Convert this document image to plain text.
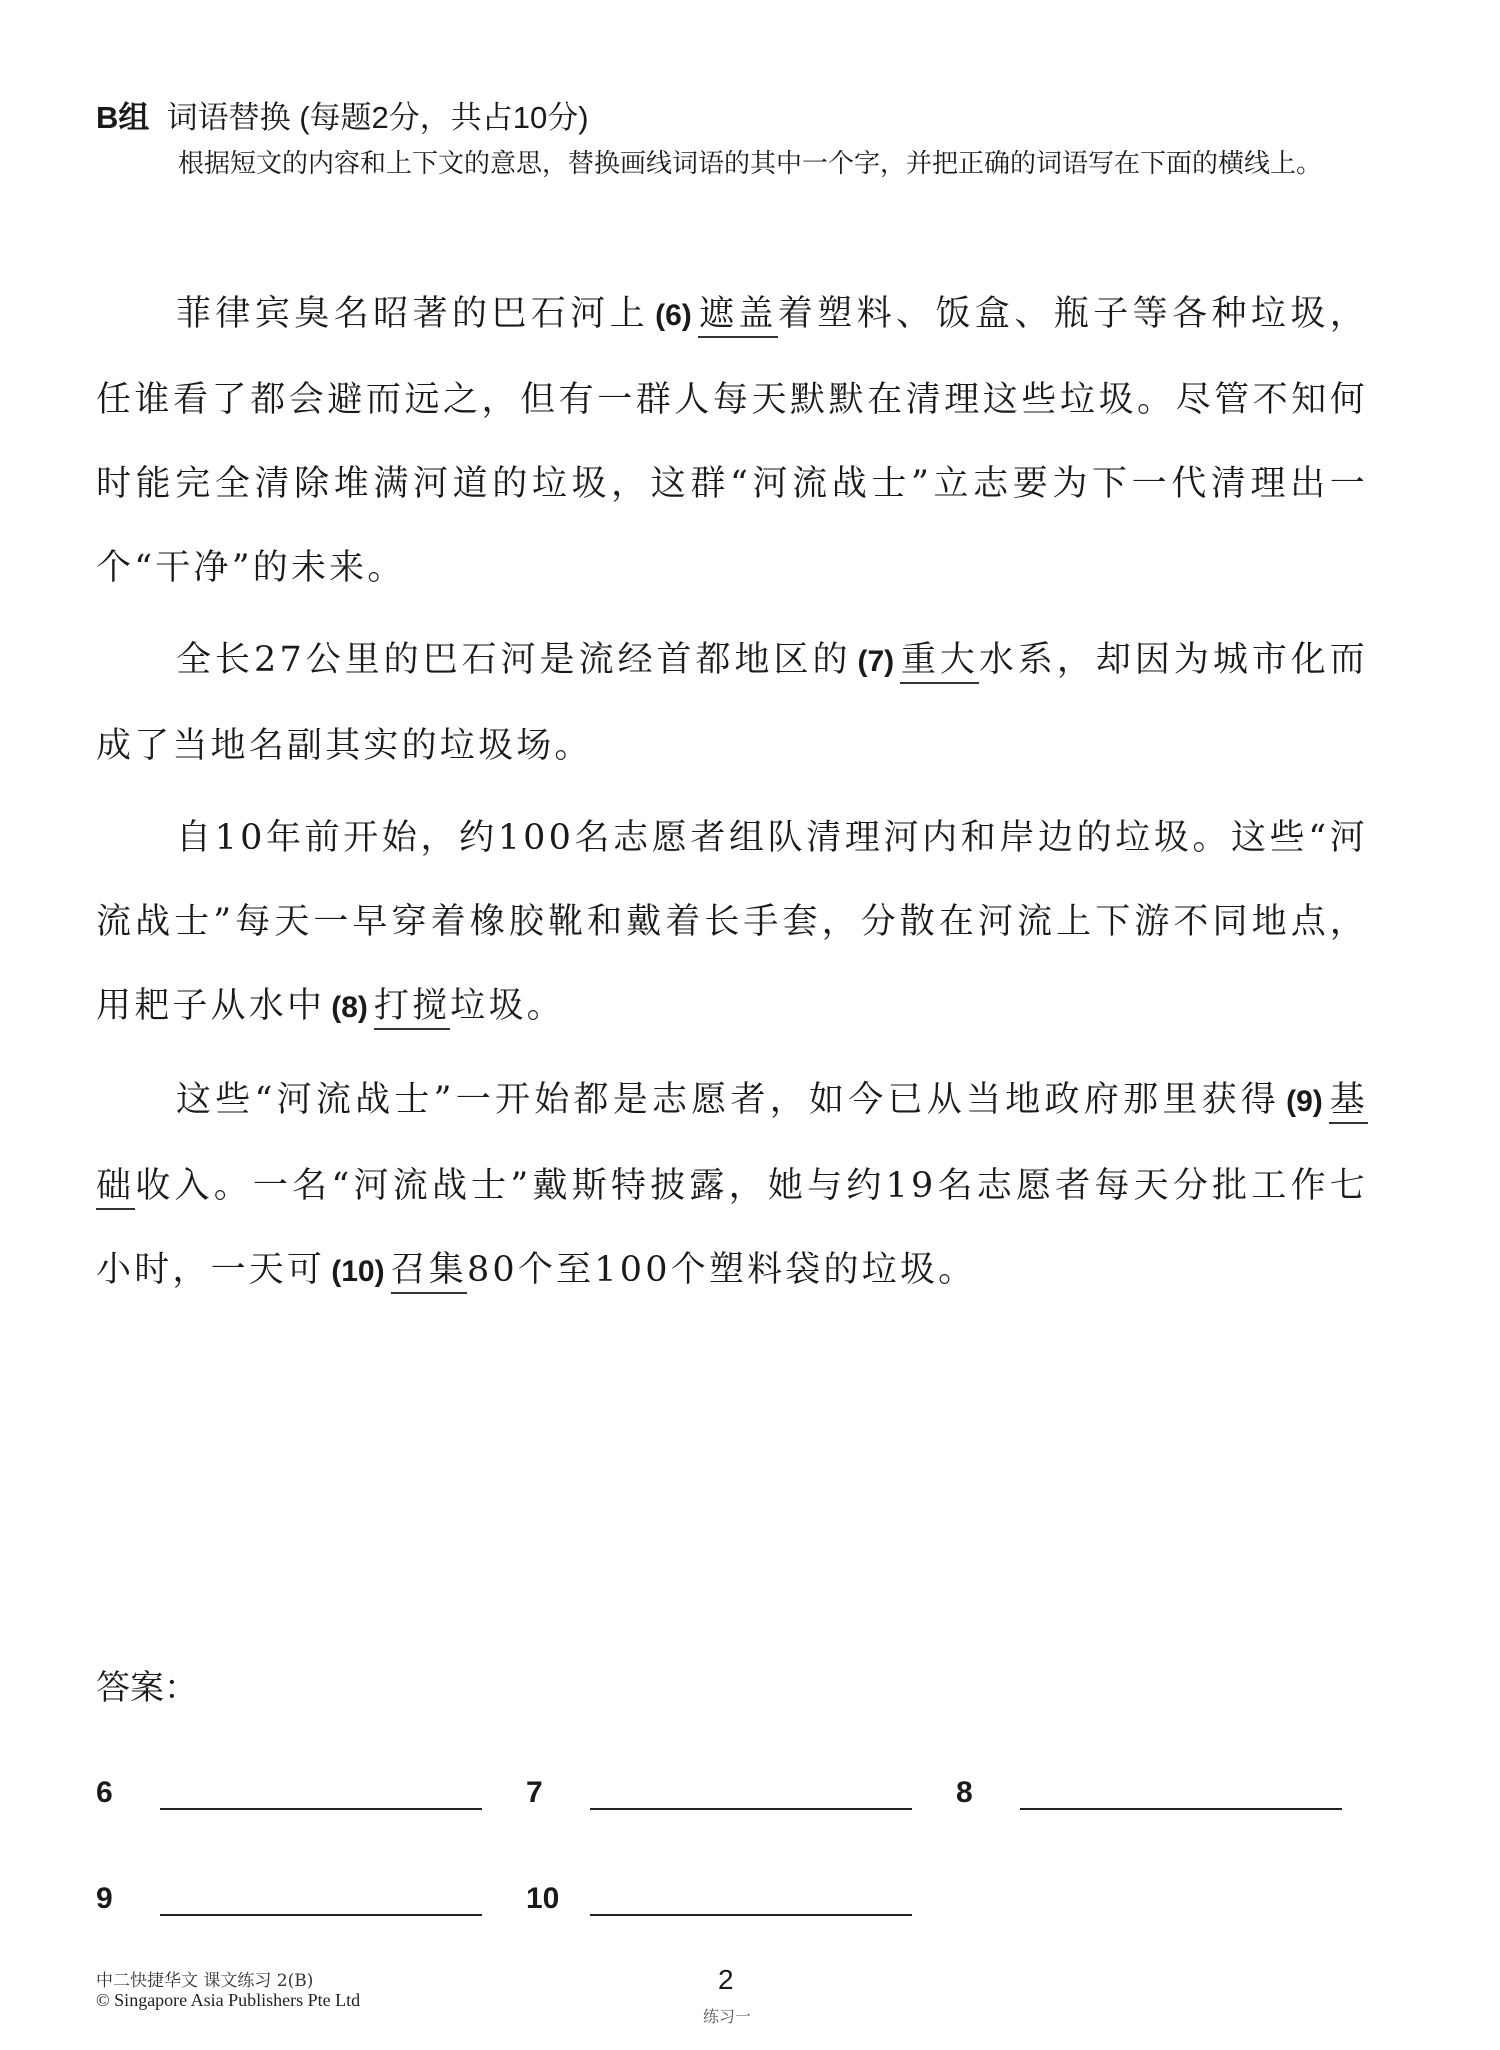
B组 词语替换 (每题2分，共占10分)
根据短文的内容和上下文的意思，替换画线词语的其中一个字，并把正确的词语写在下面的横线上。

菲律宾臭名昭著的巴石河上 (6) 遮盖着塑料、饭盒、瓶子等各种垃圾，任谁看了都会避而远之，但有一群人每天默默在清理这些垃圾。尽管不知何时能完全清除堆满河道的垃圾，这群“河流战士”立志要为下一代清理出一个“干净”的未来。

全长27公里的巴石河是流经首都地区的 (7) 重大水系，却因为城市化而成了当地名副其实的垃圾场。

自10年前开始，约100名志愿者组队清理河内和岸边的垃圾。这些“河流战士”每天一早穿着橡胶靴和戴着长手套，分散在河流上下游不同地点，用耙子从水中 (8) 打搅垃圾。

这些“河流战士”一开始都是志愿者，如今已从当地政府那里获得 (9) 基础收入。一名“河流战士”戴斯特披露，她与约19名志愿者每天分批工作七小时，一天可 (10) 召集80个至100个塑料袋的垃圾。

答案：
6	7	8
9	10
中二快捷华文 课文练习 2(B)
© Singapore Asia Publishers Pte Ltd
2
练习一
